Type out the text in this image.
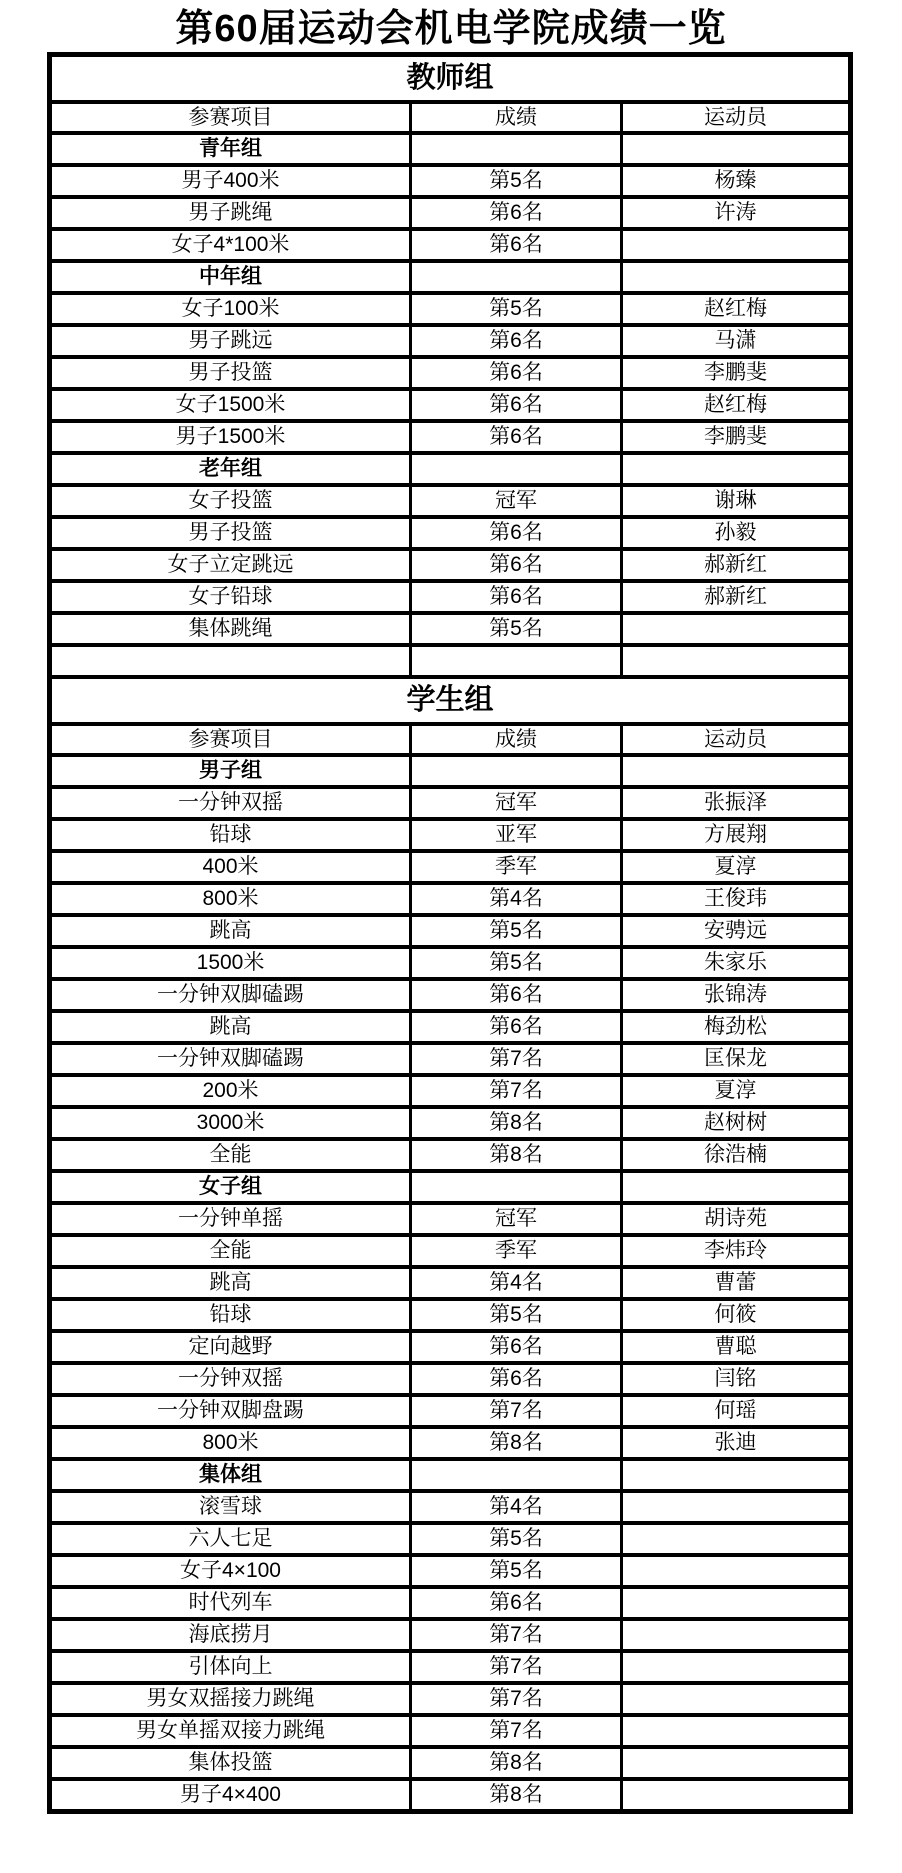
第60届运动会机电学院成绩一览
教师组		
参赛项目	成绩	运动员
青年组		
男子400米	第5名	杨臻
男子跳绳	第6名	许涛
女子4*100米	第6名	
中年组		
女子100米	第5名	赵红梅
男子跳远	第6名	马潇
男子投篮	第6名	李鹏斐
女子1500米	第6名	赵红梅
男子1500米	第6名	李鹏斐
老年组		
女子投篮	冠军	谢琳
男子投篮	第6名	孙毅
女子立定跳远	第6名	郝新红
女子铅球	第6名	郝新红
集体跳绳	第5名	

学生组		
参赛项目	成绩	运动员
男子组		
一分钟双摇	冠军	张振泽
铅球	亚军	方展翔
400米	季军	夏淳
800米	第4名	王俊玮
跳高	第5名	安骋远
1500米	第5名	朱家乐
一分钟双脚磕踢	第6名	张锦涛
跳高	第6名	梅劲松
一分钟双脚磕踢	第7名	匡保龙
200米	第7名	夏淳
3000米	第8名	赵树树
全能	第8名	徐浩楠
女子组		
一分钟单摇	冠军	胡诗苑
全能	季军	李炜玲
跳高	第4名	曹蕾
铅球	第5名	何筱
定向越野	第6名	曹聪
一分钟双摇	第6名	闫铭
一分钟双脚盘踢	第7名	何瑶
800米	第8名	张迪
集体组		
滚雪球	第4名	
六人七足	第5名	
女子4×100	第5名	
时代列车	第6名	
海底捞月	第7名	
引体向上	第7名	
男女双摇接力跳绳	第7名	
男女单摇双接力跳绳	第7名	
集体投篮	第8名	
男子4×400	第8名	
